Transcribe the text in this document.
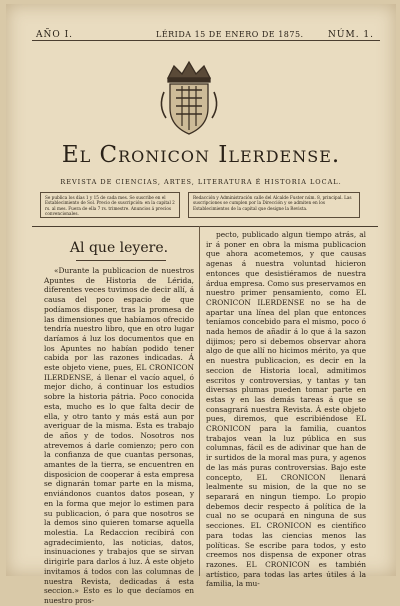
AÑO I.	LÉRIDA 15 DE ENERO DE 1875.	NÚM. 1.
El Cronicon Ilerdense.
REVISTA DE CIENCIAS, ARTES, LITERATURA É HISTORIA LOCAL.
Se publica los días 1 y 15 de cada mes. Se suscribe en el Establecimiento de Sol. Precio de suscripción: en la capital 2 rs. al mes. Fuera de ella 7 rs. trimestre. Anuncios á precios convencionales.
Redacción y Administración calle del Alcalde Fuster núm. 8, principal. Las suscripciones se cumplen por la Dirección y se admiten en los Establecimientos de la capital que designe la Revista.
Al que leyere.

«Durante la publicacion de nuestros Apuntes de Historia de Lérida, diferentes veces tuvimos de decir allí, á causa del poco espacio de que podíamos disponer, tras la promesa de las dimensiones que habíamos ofrecido tendría nuestro libro, que en otro lugar daríamos á luz los documentos que en los Apuntes no habían podido tener cabida por las razones indicadas. Á este objeto viene, pues, EL CRONICON ILERDENSE, á llenar el vacío aquel, ó mejor dicho, á continuar los estudios sobre la historia pátria. Poco conocida esta, mucho es lo que falta decir de ella, y otro tanto y más está aun por averiguar de la misma. Esta es trabajo de años y de todos. Nosotros nos atrevemos á darle comienzo; pero con la confianza de que cuantas personas, amantes de la tierra, se encuentren en disposicion de cooperar á esta empresa se dignarán tomar parte en la misma, enviándonos cuantos datos posean, y en la forma que mejor lo estimen para su publicacion, ó para que nosotros se la demos sino quieren tomarse aquella molestia. La Redaccion recibirá con agradecimiento, las noticias, datos, insinuaciones y trabajos que se sirvan dirigirle para darlos á luz. Á este objeto invitamos á todos con las columnas de nuestra Revista, dedicadas á esta seccion.» Esto es lo que decíamos en nuestro pros-

pecto, publicado algun tiempo atrás, al ir á poner en obra la misma publicacion que ahora acometemos, y que causas agenas á nuestra voluntad hicieron entonces que desistiéramos de nuestra árdua empresa. Como sus preservamos en nuestro primer pensamiento, como EL CRONICON ILERDENSE no se ha de apartar una línea del plan que entonces teníamos concebido para el mismo, poco ó nada hemos de añadir á lo que á la sazon dijimos; pero si debemos observar ahora algo de que allí no hicimos mérito, ya que en nuestra publicacion, es decir en la seccion de Historia local, admitimos escritos y controversias, y tantas y tan diversas plumas pueden tomar parte en estas y en las demás tareas á que se consagrará nuestra Revista. Á este objeto pues, diremos, que escribiéndose EL CRONICON para la familia, cuantos trabajos vean la luz pública en sus columnas, fácil es de adivinar que han de ir surtidos de la moral mas pura, y agenos de las más puras controversias. Bajo este concepto, EL CRONICON llenará lealmente su mision, de la que no se separará en ningun tiempo. Lo propio debemos decir respecto á política de la cual no se ocupará en ninguna de sus secciones. EL CRONICON es científico para todas las ciencias menos las políticas. Se escribe para todos, y esto creemos nos dispensa de exponer otras razones. EL CRONICON es también artístico, para todas las artes útiles á la familia, la mu-
